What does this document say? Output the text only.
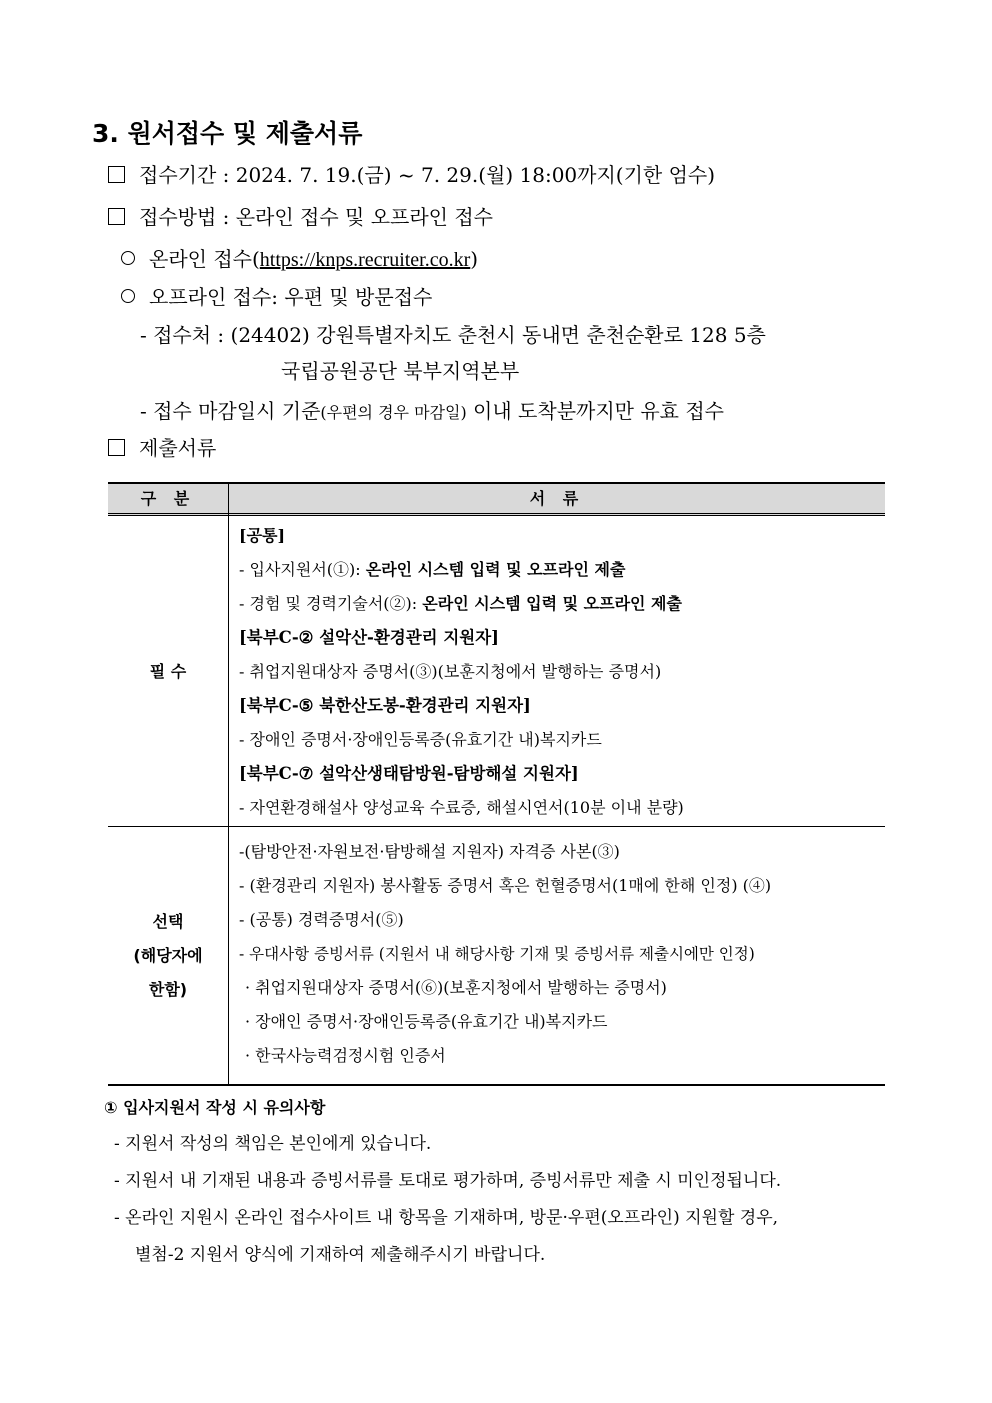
3. 원서접수 및 제출서류
접수기간 : 2024. 7. 19.(금) ~ 7. 29.(월) 18:00까지(기한 엄수)
접수방법 : 온라인 접수 및 오프라인 접수
온라인 접수(https://knps.recruiter.co.kr)
오프라인 접수: 우편 및 방문접수
- 접수처 : (24402) 강원특별자치도 춘천시 동내면 춘천순환로 128 5층
국립공원공단 북부지역본부
- 접수 마감일시 기준(우편의 경우 마감일) 이내 도착분까지만 유효 접수
제출서류
구 분	서 류
필 수
[공통]
- 입사지원서(①): 온라인 시스템 입력 및 오프라인 제출
- 경험 및 경력기술서(②): 온라인 시스템 입력 및 오프라인 제출
[북부C-② 설악산-환경관리 지원자]
- 취업지원대상자 증명서(③)(보훈지청에서 발행하는 증명서)
[북부C-⑤ 북한산도봉-환경관리 지원자]
- 장애인 증명서·장애인등록증(유효기간 내)복지카드
[북부C-⑦ 설악산생태탐방원-탐방해설 지원자]
- 자연환경해설사 양성교육 수료증, 해설시연서(10분 이내 분량)
선택
(해당자에
한함)
-(탐방안전·자원보전·탐방해설 지원자) 자격증 사본(③)
- (환경관리 지원자) 봉사활동 증명서 혹은 헌혈증명서(1매에 한해 인정) (④)
- (공통) 경력증명서(⑤)
- 우대사항 증빙서류 (지원서 내 해당사항 기재 및 증빙서류 제출시에만 인정)
· 취업지원대상자 증명서(⑥)(보훈지청에서 발행하는 증명서)
· 장애인 증명서·장애인등록증(유효기간 내)복지카드
· 한국사능력검정시험 인증서
① 입사지원서 작성 시 유의사항
- 지원서 작성의 책임은 본인에게 있습니다.
- 지원서 내 기재된 내용과 증빙서류를 토대로 평가하며, 증빙서류만 제출 시 미인정됩니다.
- 온라인 지원시 온라인 접수사이트 내 항목을 기재하며, 방문·우편(오프라인) 지원할 경우,
별첨-2 지원서 양식에 기재하여 제출해주시기 바랍니다.
